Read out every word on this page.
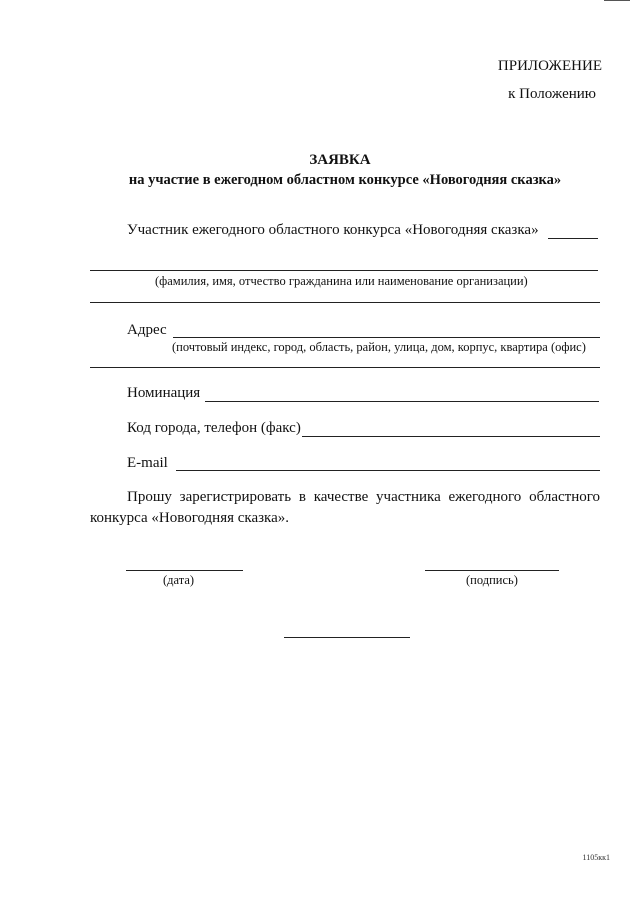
ПРИЛОЖЕНИЕ
к Положению
ЗАЯВКА
на участие в ежегодном областном конкурсе «Новогодняя сказка»
Участник ежегодного областного конкурса «Новогодняя сказка»
(фамилия, имя, отчество гражданина или наименование организации)
Адрес
(почтовый индекс, город, область, район, улица, дом, корпус, квартира (офис)
Номинация
Код города, телефон (факс)
E-mail
Прошу зарегистрировать в качестве участника ежегодного областного
конкурса «Новогодняя сказка».
(дата)	(подпись)
1105кк1
